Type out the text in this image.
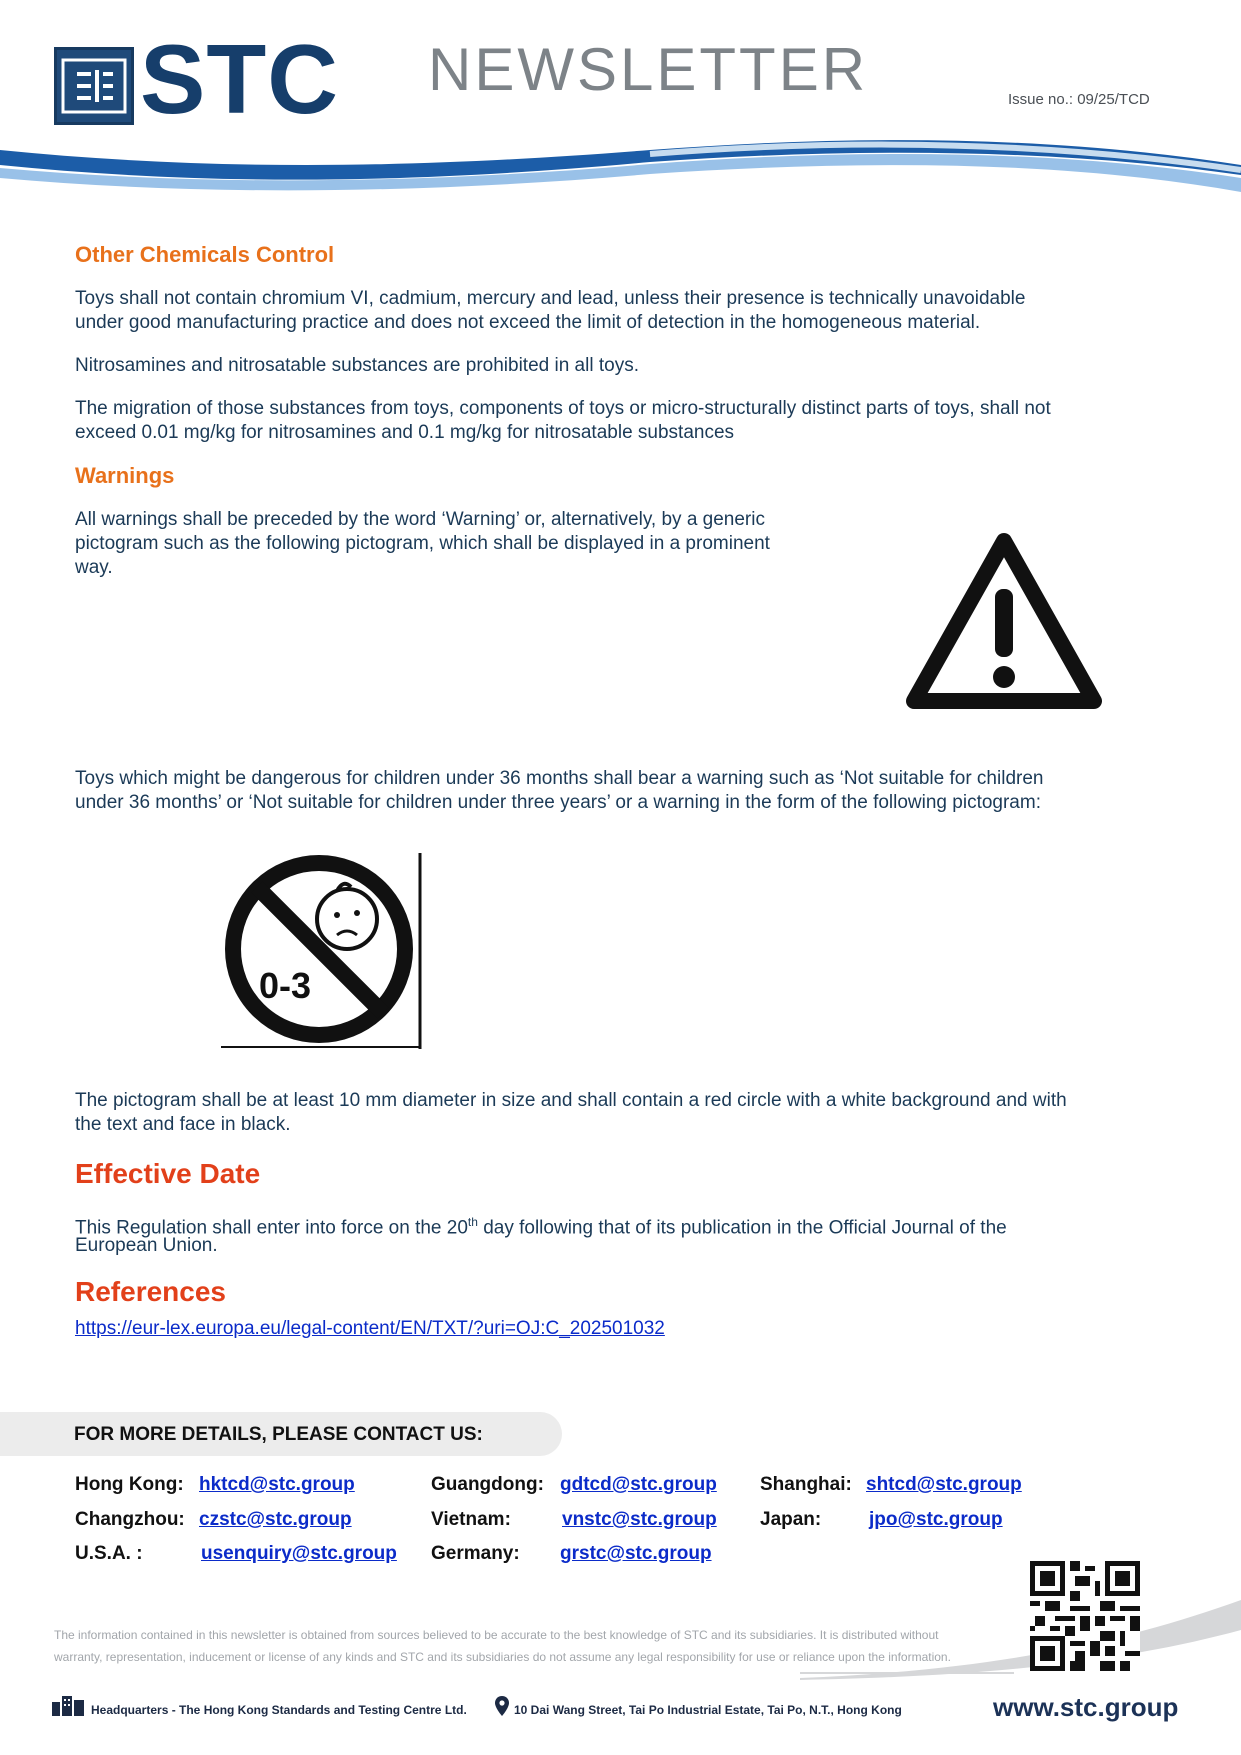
STC NEWSLETTER	Issue no.: 09/25/TCD
Other Chemicals Control
Toys shall not contain chromium VI, cadmium, mercury and lead, unless their presence is technically unavoidable
under good manufacturing practice and does not exceed the limit of detection in the homogeneous material.
Nitrosamines and nitrosatable substances are prohibited in all toys.
The migration of those substances from toys, components of toys or micro-structurally distinct parts of toys, shall not
exceed 0.01 mg/kg for nitrosamines and 0.1 mg/kg for nitrosatable substances
Warnings
All warnings shall be preceded by the word ‘Warning’ or, alternatively, by a generic
pictogram such as the following pictogram, which shall be displayed in a prominent
way.
Toys which might be dangerous for children under 36 months shall bear a warning such as ‘Not suitable for children
under 36 months’ or ‘Not suitable for children under three years’ or a warning in the form of the following pictogram:
0-3
The pictogram shall be at least 10 mm diameter in size and shall contain a red circle with a white background and with
the text and face in black.
Effective Date
This Regulation shall enter into force on the 20th day following that of its publication in the Official Journal of the
European Union.
References
https://eur-lex.europa.eu/legal-content/EN/TXT/?uri=OJ:C_202501032
FOR MORE DETAILS, PLEASE CONTACT US:
Hong Kong: hktcd@stc.group	Guangdong: gdtcd@stc.group Shanghai: shtcd@stc.group
Changzhou: czstc@stc.group	Vietnam:	vnstc@stc.group Japan:	jpo@stc.group
U.S.A. :	usenquiry@stc.group Germany: grstc@stc.group
The information contained in this newsletter is obtained from sources believed to be accurate to the best knowledge of STC and its subsidiaries. It is distributed without
warranty, representation, inducement or license of any kinds and STC and its subsidiaries do not assume any legal responsibility for use or reliance upon the information.
Headquarters - The Hong Kong Standards and Testing Centre Ltd.	10 Dai Wang Street, Tai Po Industrial Estate, Tai Po, N.T., Hong Kong	www.stc.group
